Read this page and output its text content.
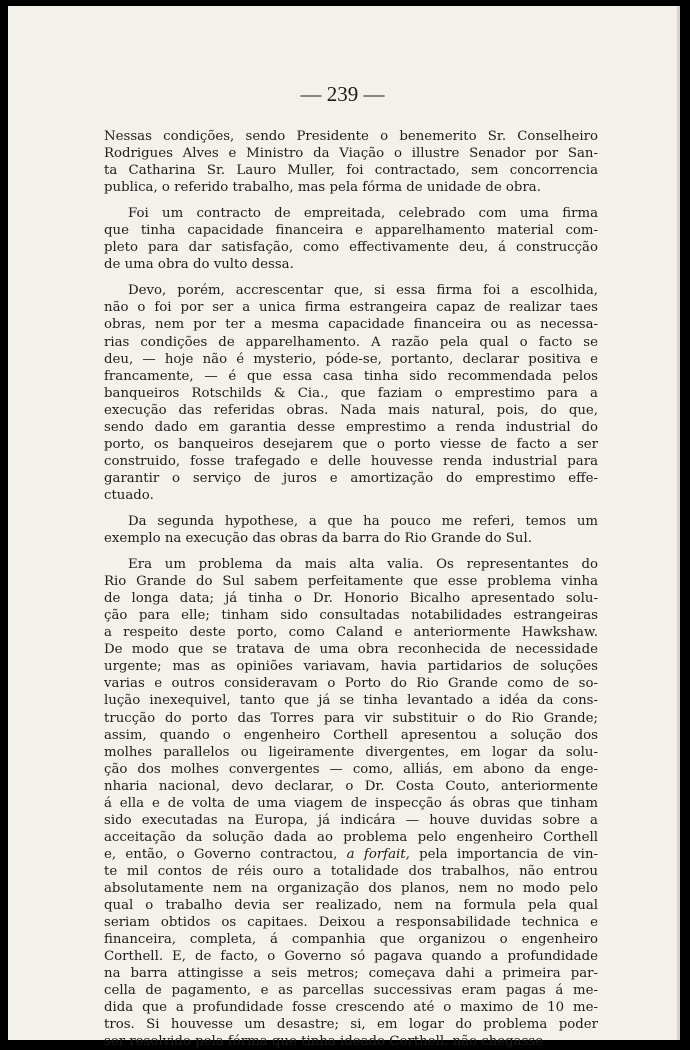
— 239 —

Nessas condições, sendo Presidente o benemerito Sr. Conselheiro
Rodrigues Alves e Ministro da Viação o illustre Senador por San-
ta Catharina Sr. Lauro Muller, foi contractado, sem concorrencia
publica, o referido trabalho, mas pela fórma de unidade de obra.

Foi um contracto de empreitada, celebrado com uma firma
que tinha capacidade financeira e apparelhamento material com-
pleto para dar satisfação, como effectivamente deu, á construcção
de uma obra do vulto dessa.

Devo, porém, accrescentar que, si essa firma foi a escolhida,
não o foi por ser a unica firma estrangeira capaz de realizar taes
obras, nem por ter a mesma capacidade financeira ou as necessa-
rias condições de apparelhamento. A razão pela qual o facto se
deu, — hoje não é mysterio, póde-se, portanto, declarar positiva e
francamente, — é que essa casa tinha sido recommendada pelos
banqueiros Rotschilds & Cia., que faziam o emprestimo para a
execução das referidas obras. Nada mais natural, pois, do que,
sendo dado em garantia desse emprestimo a renda industrial do
porto, os banqueiros desejarem que o porto viesse de facto a ser
construido, fosse trafegado e delle houvesse renda industrial para
garantir o serviço de juros e amortização do emprestimo effe-
ctuado.

Da segunda hypothese, a que ha pouco me referi, temos um
exemplo na execução das obras da barra do Rio Grande do Sul.

Era um problema da mais alta valia. Os representantes do
Rio Grande do Sul sabem perfeitamente que esse problema vinha
de longa data; já tinha o Dr. Honorio Bicalho apresentado solu-
ção para elle; tinham sido consultadas notabilidades estrangeiras
a respeito deste porto, como Caland e anteriormente Hawkshaw.
De modo que se tratava de uma obra reconhecida de necessidade
urgente; mas as opiniões variavam, havia partidarios de soluções
varias e outros consideravam o Porto do Rio Grande como de so-
lução inexequivel, tanto que já se tinha levantado a idéa da cons-
trucção do porto das Torres para vir substituir o do Rio Grande;
assim, quando o engenheiro Corthell apresentou a solução dos
molhes parallelos ou ligeiramente divergentes, em logar da solu-
ção dos molhes convergentes — como, alliás, em abono da enge-
nharia nacional, devo declarar, o Dr. Costa Couto, anteriormente
á ella e de volta de uma viagem de inspecção ás obras que tinham
sido executadas na Europa, já indicára — houve duvidas sobre a
acceitação da solução dada ao problema pelo engenheiro Corthell
e, então, o Governo contractou, a forfait, pela importancia de vin-
te mil contos de réis ouro a totalidade dos trabalhos, não entrou
absolutamente nem na organização dos planos, nem no modo pelo
qual o trabalho devia ser realizado, nem na formula pela qual
seriam obtidos os capitaes. Deixou a responsabilidade technica e
financeira, completa, á companhia que organizou o engenheiro
Corthell. E, de facto, o Governo só pagava quando a profundidade
na barra attingisse a seis metros; começava dahi a primeira par-
cella de pagamento, e as parcellas successivas eram pagas á me-
dida que a profundidade fosse crescendo até o maximo de 10 me-
tros. Si houvesse um desastre; si, em logar do problema poder
ser resolvido pela fórma que tinha ideado Corthell, não chegasse
